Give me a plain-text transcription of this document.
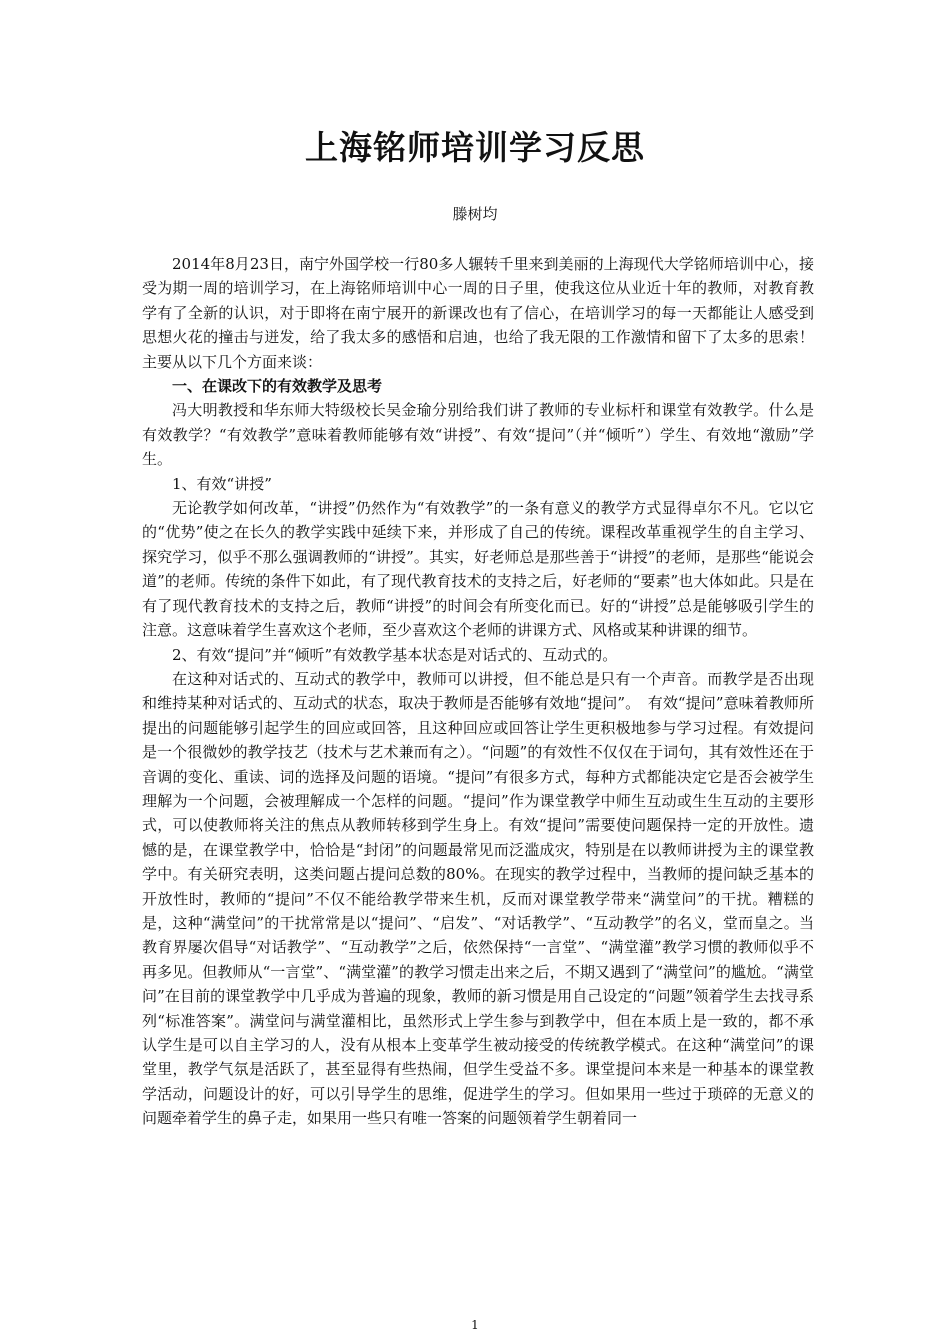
上海铭师培训学习反思

滕树均

2014年8月23日，南宁外国学校一行80多人辗转千里来到美丽的上海现代大学铭师培训中心，接受为期一周的培训学习，在上海铭师培训中心一周的日子里，使我这位从业近十年的教师，对教育教学有了全新的认识，对于即将在南宁展开的新课改也有了信心，在培训学习的每一天都能让人感受到思想火花的撞击与迸发，给了我太多的感悟和启迪，也给了我无限的工作激情和留下了太多的思索！主要从以下几个方面来谈：

一、在课改下的有效教学及思考

冯大明教授和华东师大特级校长吴金瑜分别给我们讲了教师的专业标杆和课堂有效教学。什么是有效教学？“有效教学”意味着教师能够有效“讲授”、有效“提问”（并“倾听”）学生、有效地“激励”学生。

1、有效“讲授”

无论教学如何改革，“讲授”仍然作为“有效教学”的一条有意义的教学方式显得卓尔不凡。它以它的“优势”使之在长久的教学实践中延续下来，并形成了自己的传统。课程改革重视学生的自主学习、探究学习，似乎不那么强调教师的“讲授”。其实，好老师总是那些善于“讲授”的老师，是那些“能说会道”的老师。传统的条件下如此，有了现代教育技术的支持之后，好老师的“要素”也大体如此。只是在有了现代教育技术的支持之后，教师“讲授”的时间会有所变化而已。好的“讲授”总是能够吸引学生的注意。这意味着学生喜欢这个老师，至少喜欢这个老师的讲课方式、风格或某种讲课的细节。

2、有效“提问”并“倾听”有效教学基本状态是对话式的、互动式的。

在这种对话式的、互动式的教学中，教师可以讲授，但不能总是只有一个声音。而教学是否出现和维持某种对话式的、互动式的状态，取决于教师是否能够有效地“提问”。　有效“提问”意味着教师所提出的问题能够引起学生的回应或回答，且这种回应或回答让学生更积极地参与学习过程。有效提问是一个很微妙的教学技艺（技术与艺术兼而有之）。“问题”的有效性不仅仅在于词句，其有效性还在于音调的变化、重读、词的选择及问题的语境。“提问”有很多方式，每种方式都能决定它是否会被学生理解为一个问题，会被理解成一个怎样的问题。“提问”作为课堂教学中师生互动或生生互动的主要形式，可以使教师将关注的焦点从教师转移到学生身上。有效“提问”需要使问题保持一定的开放性。遗憾的是，在课堂教学中，恰恰是“封闭”的问题最常见而泛滥成灾，特别是在以教师讲授为主的课堂教学中。有关研究表明，这类问题占提问总数的80%。在现实的教学过程中，当教师的提问缺乏基本的开放性时，教师的“提问”不仅不能给教学带来生机，反而对课堂教学带来“满堂问”的干扰。糟糕的是，这种“满堂问”的干扰常常是以“提问”、“启发”、“对话教学”、“互动教学”的名义，堂而皇之。当教育界屡次倡导“对话教学”、“互动教学”之后，依然保持“一言堂”、“满堂灌”教学习惯的教师似乎不再多见。但教师从“一言堂”、“满堂灌”的教学习惯走出来之后，不期又遇到了“满堂问”的尴尬。“满堂问”在目前的课堂教学中几乎成为普遍的现象，教师的新习惯是用自己设定的“问题”领着学生去找寻系列“标准答案”。满堂问与满堂灌相比，虽然形式上学生参与到教学中，但在本质上是一致的，都不承认学生是可以自主学习的人，没有从根本上变革学生被动接受的传统教学模式。在这种“满堂问”的课堂里，教学气氛是活跃了，甚至显得有些热闹，但学生受益不多。课堂提问本来是一种基本的课堂教学活动，问题设计的好，可以引导学生的思维，促进学生的学习。但如果用一些过于琐碎的无意义的问题牵着学生的鼻子走，如果用一些只有唯一答案的问题领着学生朝着同一

1
